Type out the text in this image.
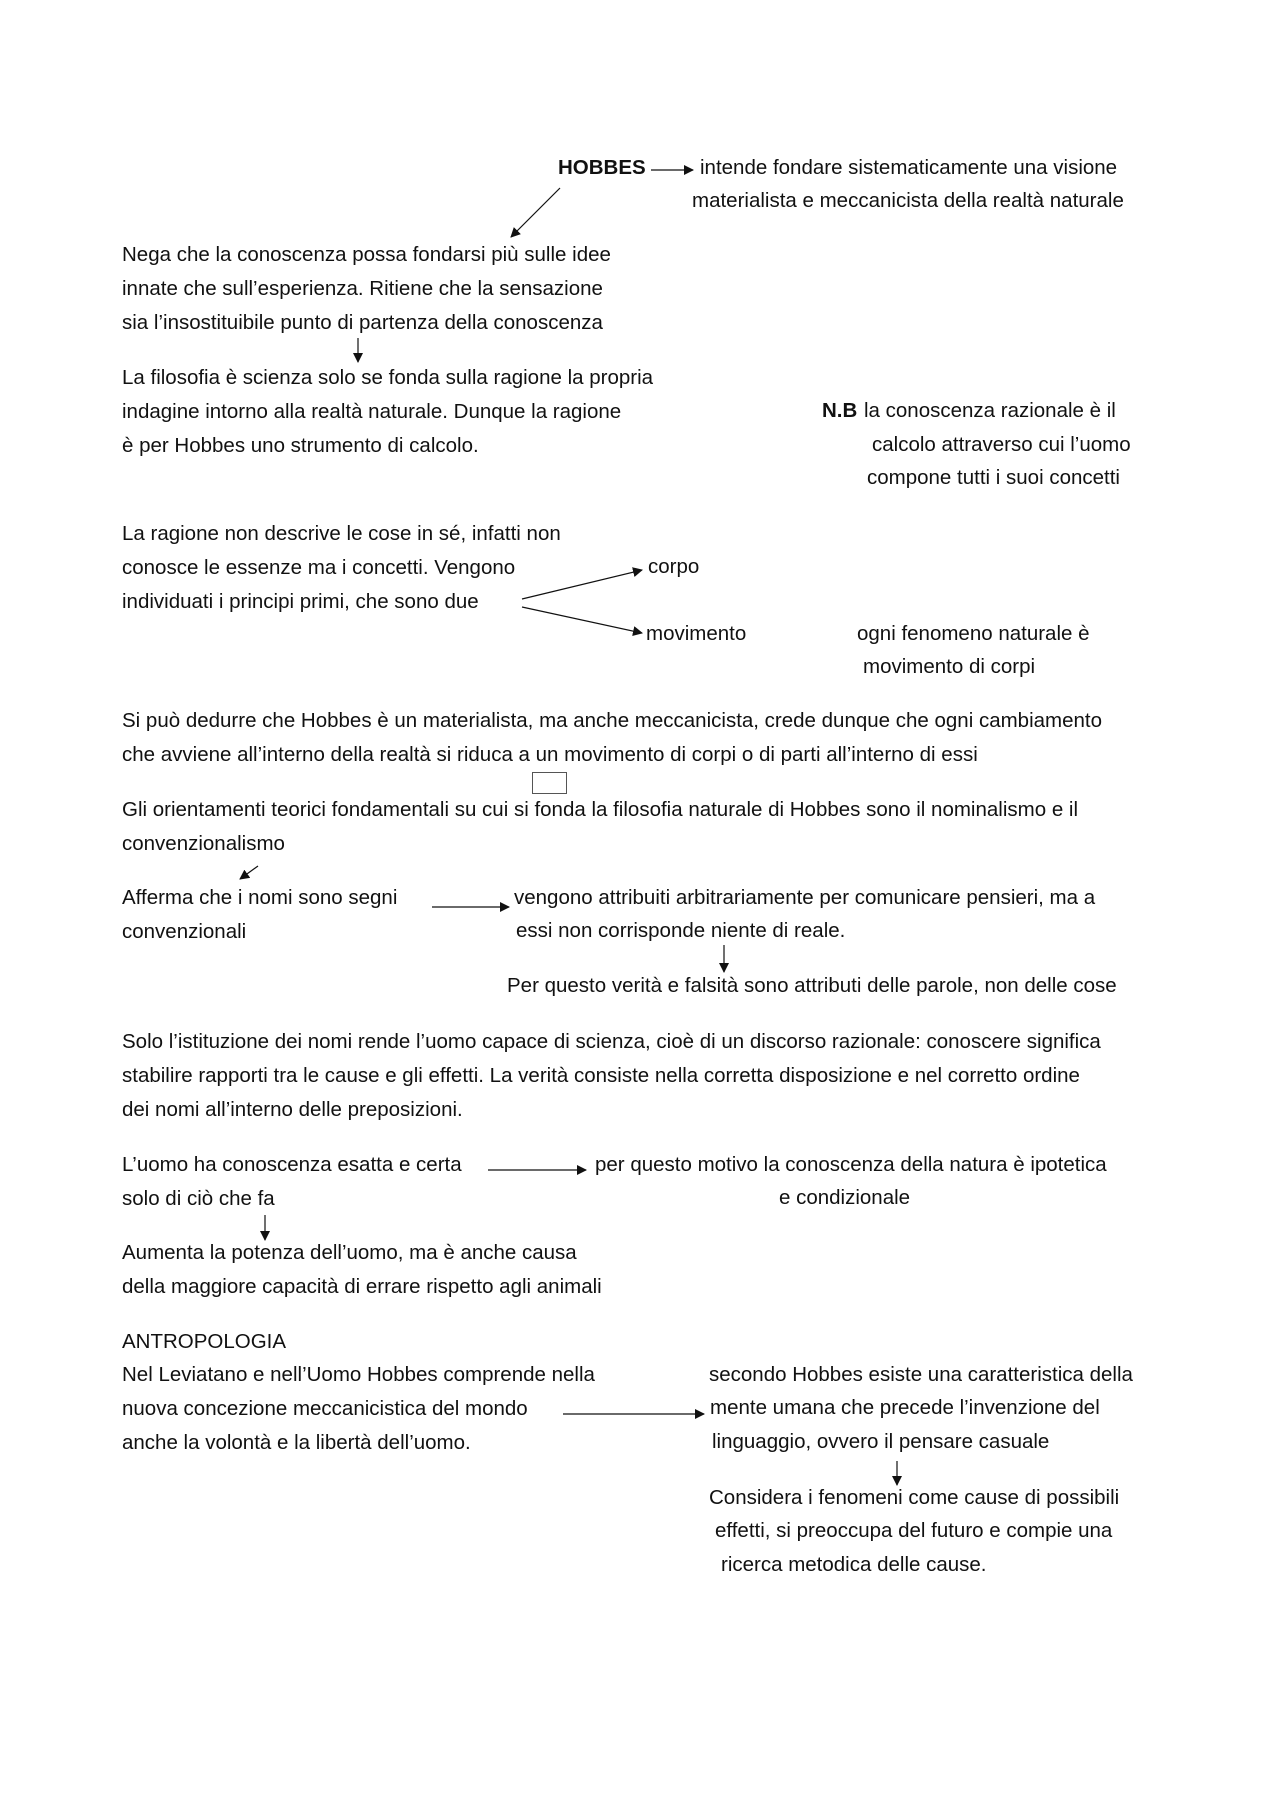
HOBBES	intende fondare sistematicamente una visione
materialista e meccanicista della realtà naturale
Nega che la conoscenza possa fondarsi più sulle idee
innate che sull’esperienza. Ritiene che la sensazione
sia l’insostituibile punto di partenza della conoscenza
La filosofia è scienza solo se fonda sulla ragione la propria
indagine intorno alla realtà naturale. Dunque la ragione
è per Hobbes uno strumento di calcolo.
N.B la conoscenza razionale è il
calcolo attraverso cui l’uomo
compone tutti i suoi concetti
La ragione non descrive le cose in sé, infatti non
conosce le essenze ma i concetti. Vengono
individuati i principi primi, che sono due
corpo
movimento	ogni fenomeno naturale è
movimento di corpi
Si può dedurre che Hobbes è un materialista, ma anche meccanicista, crede dunque che ogni cambiamento
che avviene all’interno della realtà si riduca a un movimento di corpi o di parti all’interno di essi
Gli orientamenti teorici fondamentali su cui si fonda la filosofia naturale di Hobbes sono il nominalismo e il
convenzionalismo
Afferma che i nomi sono segni
convenzionali
vengono attribuiti arbitrariamente per comunicare pensieri, ma a
essi non corrisponde niente di reale.
Per questo verità e falsità sono attributi delle parole, non delle cose
Solo l’istituzione dei nomi rende l’uomo capace di scienza, cioè di un discorso razionale: conoscere significa
stabilire rapporti tra le cause e gli effetti. La verità consiste nella corretta disposizione e nel corretto ordine
dei nomi all’interno delle preposizioni.
L’uomo ha conoscenza esatta e certa
solo di ciò che fa
per questo motivo la conoscenza della natura è ipotetica
e condizionale
Aumenta la potenza dell’uomo, ma è anche causa
della maggiore capacità di errare rispetto agli animali
ANTROPOLOGIA
Nel Leviatano e nell’Uomo Hobbes comprende nella
nuova concezione meccanicistica del mondo
anche la volontà e la libertà dell’uomo.
secondo Hobbes esiste una caratteristica della
mente umana che precede l’invenzione del
linguaggio, ovvero il pensare casuale
Considera i fenomeni come cause di possibili
effetti, si preoccupa del futuro e compie una
ricerca metodica delle cause.
